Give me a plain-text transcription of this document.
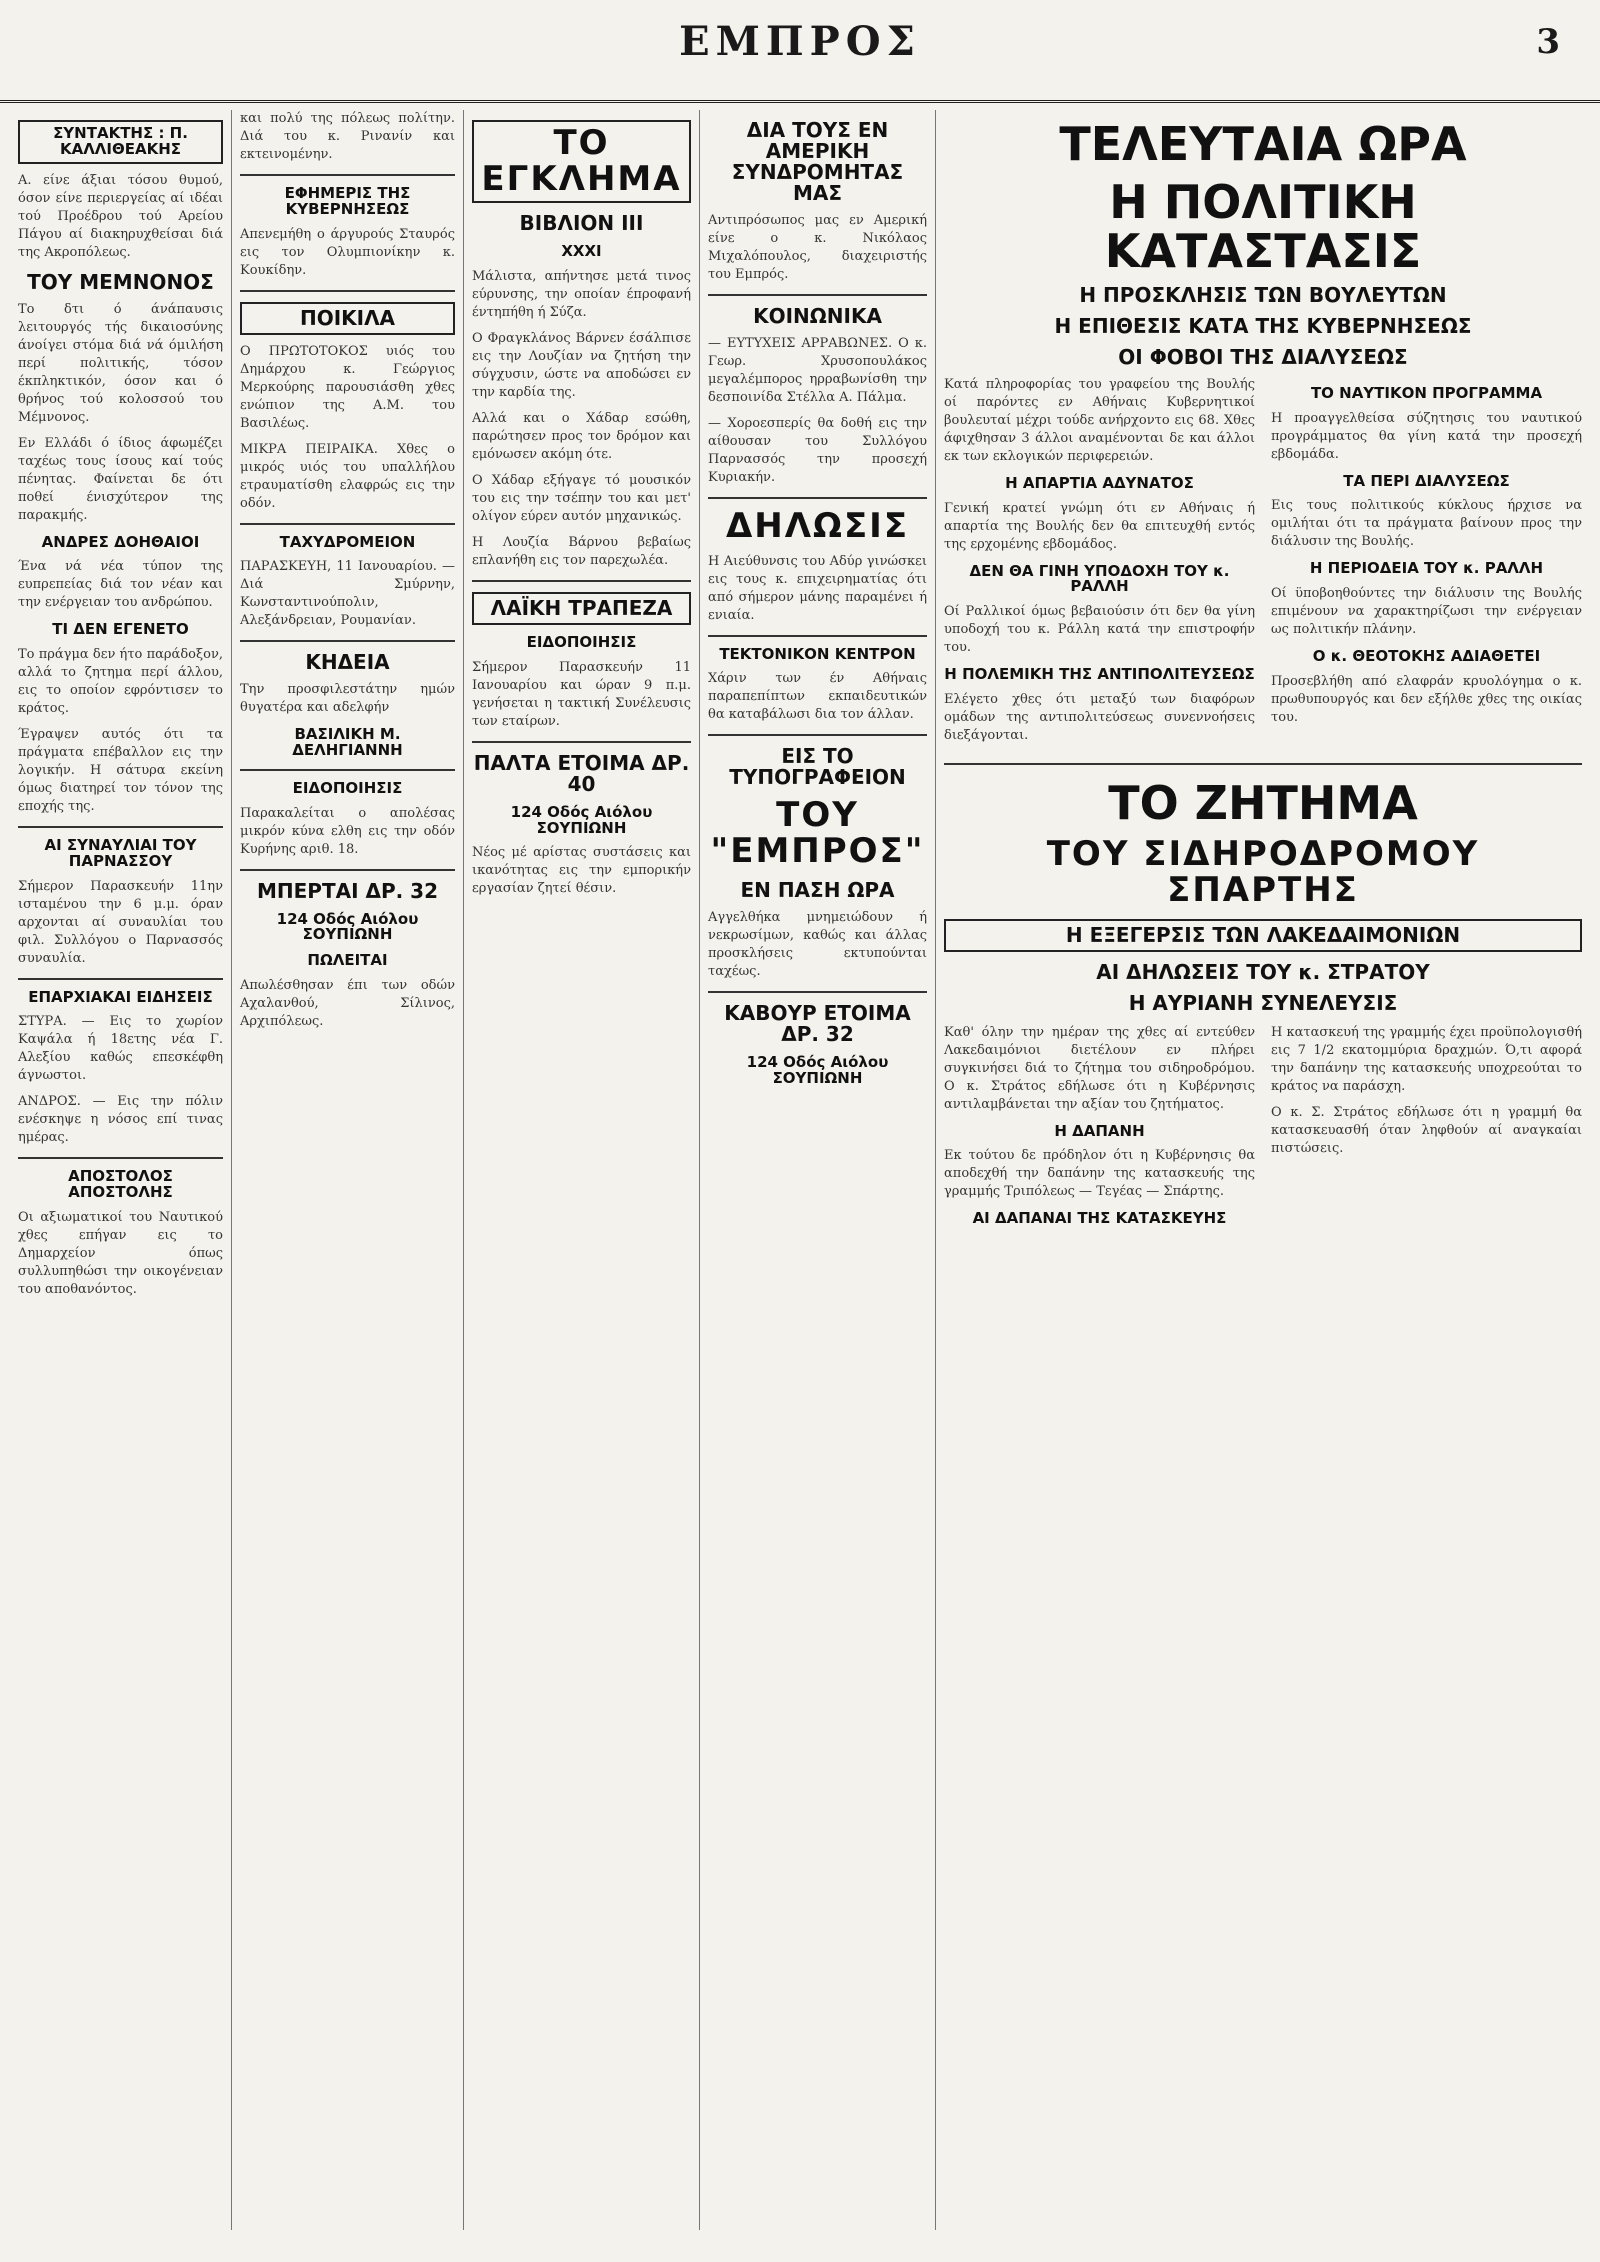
ΕΜΠΡΟΣ	3
ΣΥΝΤΑΚΤΗΣ : Π. ΚΑΛΛΙΘΕΑΚΗΣ

Α. είνε άξιαι τόσου θυμού, όσον είνε περιεργείας αί ιδέαι τού Προέδρου τού Αρείου Πάγου αί διακηρυχθείσαι διά της Ακροπόλεως.

ΤΟΥ ΜΕΜΝΟΝΟΣ

Το δτι ό άνάπαυσις λειτουργός τής δικαιοσύνης άνοίγει στόμα διά νά όμιλήση περί πολιτικής, τόσον έκπληκτικόν, όσον και ό θρήνος τού κολοσσού του Μέμνονος.

Εν Ελλάδι ό ίδιος άφωμέζει ταχέως τους ίσους καί τούς πένητας. Φαίνεται δε ότι ποθεί ένισχύτερον της παρακμής.

ΑΝΔΡΕΣ ΔΟΗΘΑΙΟΙ

Ένα νά νέα τύπον της ευπρεπείας διά τον νέαν και την ενέργειαν του ανδρώπου.

ΤΙ ΔΕΝ ΕΓΕΝΕΤΟ

Το πράγμα δεν ήτο παράδοξον, αλλά το ζητημα περί άλλου, εις το οποίον εφρόντισεν το κράτος.

Έγραψεν αυτός ότι τα πράγματα επέβαλλον εις την λογικήν. Η σάτυρα εκείνη όμως διατηρεί τον τόνον της εποχής της.

ΑΙ ΣΥΝΑΥΛΙΑΙ ΤΟΥ ΠΑΡΝΑΣΣΟΥ

Σήμερον Παρασκευήν 11ην ισταμένου την 6 μ.μ. όραν αρχονται αί συναυλίαι του φιλ. Συλλόγου ο Παρνασσός συναυλία.

ΕΠΑΡΧΙΑΚΑΙ ΕΙΔΗΣΕΙΣ

ΣΤΥΡΑ. — Εις το χωρίον Καψάλα ή 18ετης νέα Γ. Αλεξίου καθώς επεσκέφθη άγνωστοι.

ΑΝΔΡΟΣ. — Εις την πόλιν ενέσκηψε η νόσος επί τινας ημέρας.

ΑΠΟΣΤΟΛΟΣ ΑΠΟΣΤΟΛΗΣ

Οι αξιωματικοί του Ναυτικού χθες επήγαν εις το Δημαρχείον όπως συλλυπηθώσι την οικογένειαν του αποθανόντος.

και πολύ της πόλεως πολίτην. Διά του κ. Ρινανίν και εκτεινομένην.

ΕΦΗΜΕΡΙΣ ΤΗΣ ΚΥΒΕΡΝΗΣΕΩΣ

Απενεμήθη ο άργυρούς Σταυρός εις τον Ολυμπιονίκην κ. Κουκίδην.

ΠΟΙΚΙΛΑ

Ο ΠΡΩΤΟΤΟΚΟΣ υιός του Δημάρχου κ. Γεώργιος Μερκούρης παρουσιάσθη χθες ενώπιον της Α.Μ. του Βασιλέως.

ΜΙΚΡΑ ΠΕΙΡΑΙΚΑ. Χθες ο μικρός υιός του υπαλλήλου ετραυματίσθη ελαφρώς εις την οδόν.

ΤΑΧΥΔΡΟΜΕΙΟΝ

ΠΑΡΑΣΚΕΥΗ, 11 Ιανουαρίου. — Διά Σμύρνην, Κωνσταντινούπολιν, Αλεξάνδρειαν, Ρουμανίαν.

ΚΗΔΕΙΑ

Την προσφιλεστάτην ημών θυγατέρα και αδελφήν

ΒΑΣΙΛΙΚΗ Μ. ΔΕΛΗΓΙΑΝΝΗ
ΕΙΔΟΠΟΙΗΣΙΣ

Παρακαλείται ο απολέσας μικρόν κύνα ελθη εις την οδόν Κυρήνης αριθ. 18.

ΜΠΕΡΤΑΙ ΔΡ. 32
124 Οδός Αιόλου ΣΟΥΠΙΩΝΗ
ΠΩΛΕΙΤΑΙ

Απωλέσθησαν έπι των οδών Αχαλανθού, Σίλινος, Αρχιπόλεως.

ΤΟ ΕΓΚΛΗΜΑ
ΒΙΒΛΙΟΝ ΙΙΙ
ΧΧΧΙ

Μάλιστα, απήντησε μετά τινος εύρυνσης, την οποίαν έπροφανή έντηπήθη ή Σύζα.

Ο Φραγκλάνος Βάρνεν έσάλπισε εις την Λουζίαν να ζητήση την σύγχυσιν, ώστε να αποδώσει εν την καρδία της.

Αλλά και ο Χάδαρ εσώθη, παρώτησεν προς τον δρόμον και εμόνωσεν ακόμη ότε.

Ο Χάδαρ εξήγαγε τό μουσικόν του εις την τσέπην του και μετ' ολίγον εύρεν αυτόν μηχανικώς.

Η Λουζία Βάρνου βεβαίως επλανήθη εις τον παρεχωλέα.

ΛΑΪΚΗ ΤΡΑΠΕΖΑ
ΕΙΔΟΠΟΙΗΣΙΣ

Σήμερον Παρασκευήν 11 Ιανουαρίου και ώραν 9 π.μ. γενήσεται η τακτική Συνέλευσις των εταίρων.

ΠΑΛΤΑ ΕΤΟΙΜΑ ΔΡ. 40
124 Οδός Αιόλου ΣΟΥΠΙΩΝΗ

Νέος μέ αρίστας συστάσεις και ικανότητας εις την εμπορικήν εργασίαν ζητεί θέσιν.

ΔΙΑ ΤΟΥΣ ΕΝ ΑΜΕΡΙΚΗ ΣΥΝΔΡΟΜΗΤΑΣ ΜΑΣ

Αντιπρόσωπος μας εν Αμερική είνε ο κ. Νικόλαος Μιχαλόπουλος, διαχειριστής του Εμπρός.

ΚΟΙΝΩΝΙΚΑ

— ΕΥΤΥΧΕΙΣ ΑΡΡΑΒΩΝΕΣ. Ο κ. Γεωρ. Χρυσοπουλάκος μεγαλέμπορος ηρραβωνίσθη την δεσποινίδα Στέλλα Α. Πάλμα.

— Χοροεσπερίς θα δοθή εις την αίθουσαν του Συλλόγου Παρνασσός την προσεχή Κυριακήν.

ΔΗΛΩΣΙΣ

Η Αιεύθυνσις του Αδύρ γινώσκει εις τους κ. επιχειρηματίας ότι από σήμερον μάνης παραμένει ή ενιαία.

ΤΕΚΤΟΝΙΚΟΝ ΚΕΝΤΡΟΝ

Χάριν των έν Αθήναις παραπεπίπτων εκπαιδευτικών θα καταβάλωσι δια τον άλλαν.

ΕΙΣ ΤΟ ΤΥΠΟΓΡΑΦΕΙΟΝ
ΤΟΥ "ΕΜΠΡΟΣ"
ΕΝ ΠΑΣΗ ΩΡΑ

Αγγελθήκα μνημειώδουν ή νεκρωσίμων, καθώς και άλλας προσκλήσεις εκτυπούνται ταχέως.

ΚΑΒΟΥΡ ΕΤΟΙΜΑ ΔΡ. 32
124 Οδός Αιόλου ΣΟΥΠΙΩΝΗ
ΤΕΛΕΥΤΑΙΑ ΩΡΑ
Η ΠΟΛΙΤΙΚΗ ΚΑΤΑΣΤΑΣΙΣ
Η ΠΡΟΣΚΛΗΣΙΣ ΤΩΝ ΒΟΥΛΕΥΤΩΝ
Η ΕΠΙΘΕΣΙΣ ΚΑΤΑ ΤΗΣ ΚΥΒΕΡΝΗΣΕΩΣ
ΟΙ ΦΟΒΟΙ ΤΗΣ ΔΙΑΛΥΣΕΩΣ

Κατά πληροφορίας του γραφείου της Βουλής οί παρόντες εν Αθήναις Κυβερνητικοί βουλευταί μέχρι τούδε ανήρχοντο εις 68. Χθες άφιχθησαν 3 άλλοι αναμένονται δε και άλλοι εκ των εκλογικών περιφερειών.

Η ΑΠΑΡΤΙΑ ΑΔΥΝΑΤΟΣ

Γενική κρατεί γνώμη ότι εν Αθήναις ή απαρτία της Βουλής δεν θα επιτευχθή εντός της ερχομένης εβδομάδος.

ΔΕΝ ΘΑ ΓΙΝΗ ΥΠΟΔΟΧΗ ΤΟΥ κ. ΡΑΛΛΗ

Οί Ραλλικοί όμως βεβαιούσιν ότι δεν θα γίνη υποδοχή του κ. Ράλλη κατά την επιστροφήν του.

Η ΠΟΛΕΜΙΚΗ ΤΗΣ ΑΝΤΙΠΟΛΙΤΕΥΣΕΩΣ

Ελέγετο χθες ότι μεταξύ των διαφόρων ομάδων της αντιπολιτεύσεως συνεννοήσεις διεξάγονται.

ΤΟ ΝΑΥΤΙΚΟΝ ΠΡΟΓΡΑΜΜΑ

Η προαγγελθείσα σύζητησις του ναυτικού προγράμματος θα γίνη κατά την προσεχή εβδομάδα.

ΤΑ ΠΕΡΙ ΔΙΑΛΥΣΕΩΣ

Εις τους πολιτικούς κύκλους ήρχισε να ομιλήται ότι τα πράγματα βαίνουν προς την διάλυσιν της Βουλής.

Η ΠΕΡΙΟΔΕΙΑ ΤΟΥ κ. ΡΑΛΛΗ

Οί ϋποβοηθούντες την διάλυσιν της Βουλής επιμένουν να χαρακτηρίζωσι την ενέργειαν ως πολιτικήν πλάνην.

Ο κ. ΘΕΟΤΟΚΗΣ ΑΔΙΑΘΕΤΕΙ

Προσεβλήθη από ελαφράν κρυολόγημα ο κ. πρωθυπουργός και δεν εξήλθε χθες της οικίας του.

ΤΟ ΖΗΤΗΜΑ
ΤΟΥ ΣΙΔΗΡΟΔΡΟΜΟΥ ΣΠΑΡΤΗΣ
Η ΕΞΕΓΕΡΣΙΣ ΤΩΝ ΛΑΚΕΔΑΙΜΟΝΙΩΝ
ΑΙ ΔΗΛΩΣΕΙΣ ΤΟΥ κ. ΣΤΡΑΤΟΥ
Η ΑΥΡΙΑΝΗ ΣΥΝΕΛΕΥΣΙΣ

Καθ' όλην την ημέραν της χθες αί εντεύθεν Λακεδαιμόνιοι διετέλουν εν πλήρει συγκινήσει διά το ζήτημα του σιδηροδρόμου. Ο κ. Στράτος εδήλωσε ότι η Κυβέρνησις αντιλαμβάνεται την αξίαν του ζητήματος.

Η ΔΑΠΑΝΗ

Εκ τούτου δε πρόδηλον ότι η Κυβέρνησις θα αποδεχθή την δαπάνην της κατασκευής της γραμμής Τριπόλεως — Τεγέας — Σπάρτης.

ΑΙ ΔΑΠΑΝΑΙ ΤΗΣ ΚΑΤΑΣΚΕΥΗΣ

Η κατασκευή της γραμμής έχει προϋπολογισθή εις 7 1/2 εκατομμύρια δραχμών. Ό,τι αφορά την δαπάνην της κατασκευής υποχρεούται το κράτος να παράσχη.

Ο κ. Σ. Στράτος εδήλωσε ότι η γραμμή θα κατασκευασθή όταν ληφθούν αί αναγκαίαι πιστώσεις.
